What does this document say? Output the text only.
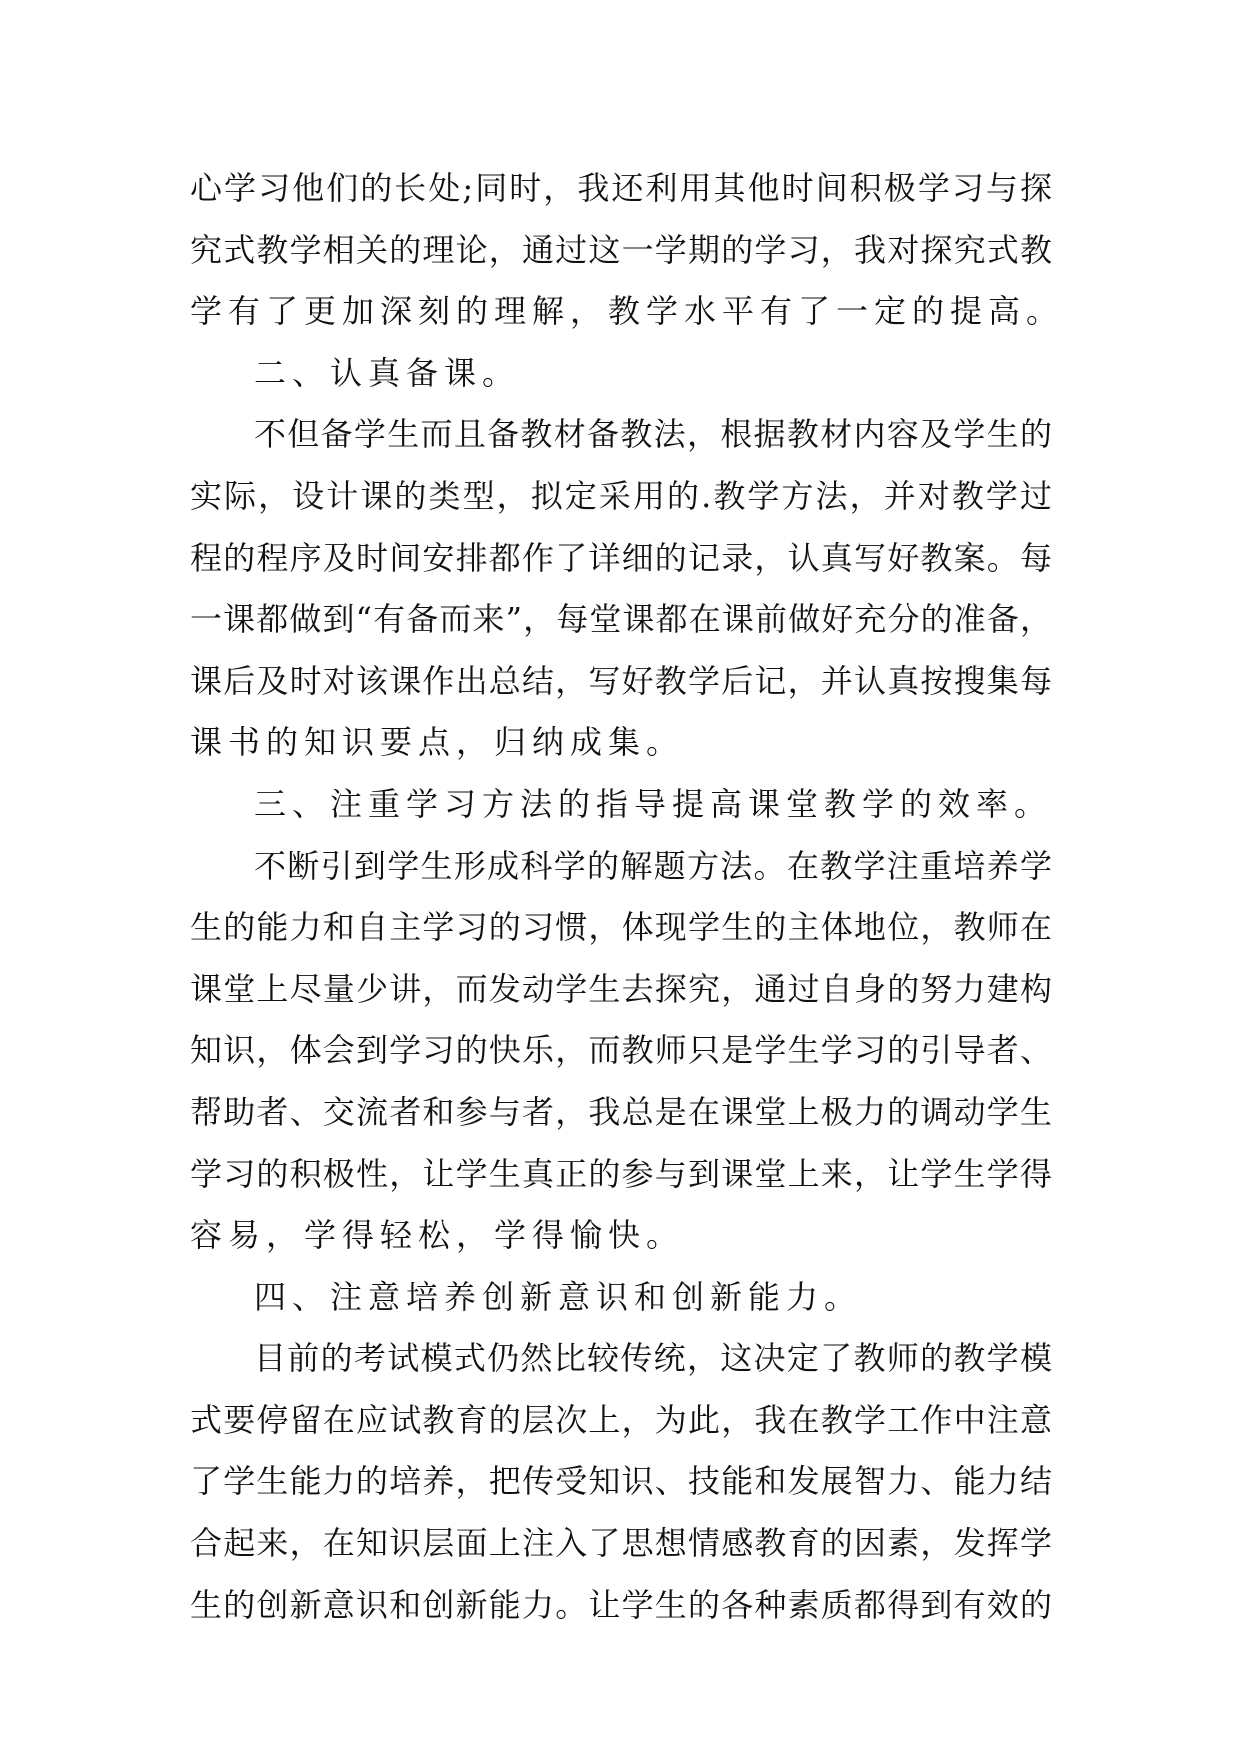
心学习他们的长处;同时，我还利用其他时间积极学习与探
究式教学相关的理论，通过这一学期的学习，我对探究式教
学有了更加深刻的理解，教学水平有了一定的提高。
二、认真备课。
不但备学生而且备教材备教法，根据教材内容及学生的
实际，设计课的类型，拟定采用的.教学方法，并对教学过
程的程序及时间安排都作了详细的记录，认真写好教案。每
一课都做到“有备而来”，每堂课都在课前做好充分的准备，
课后及时对该课作出总结，写好教学后记，并认真按搜集每
课书的知识要点，归纳成集。
三、注重学习方法的指导提高课堂教学的效率。
不断引到学生形成科学的解题方法。在教学注重培养学
生的能力和自主学习的习惯，体现学生的主体地位，教师在
课堂上尽量少讲，而发动学生去探究，通过自身的努力建构
知识，体会到学习的快乐，而教师只是学生学习的引导者、
帮助者、交流者和参与者，我总是在课堂上极力的调动学生
学习的积极性，让学生真正的参与到课堂上来，让学生学得
容易，学得轻松，学得愉快。
四、注意培养创新意识和创新能力。
目前的考试模式仍然比较传统，这决定了教师的教学模
式要停留在应试教育的层次上，为此，我在教学工作中注意
了学生能力的培养，把传受知识、技能和发展智力、能力结
合起来，在知识层面上注入了思想情感教育的因素，发挥学
生的创新意识和创新能力。让学生的各种素质都得到有效的
